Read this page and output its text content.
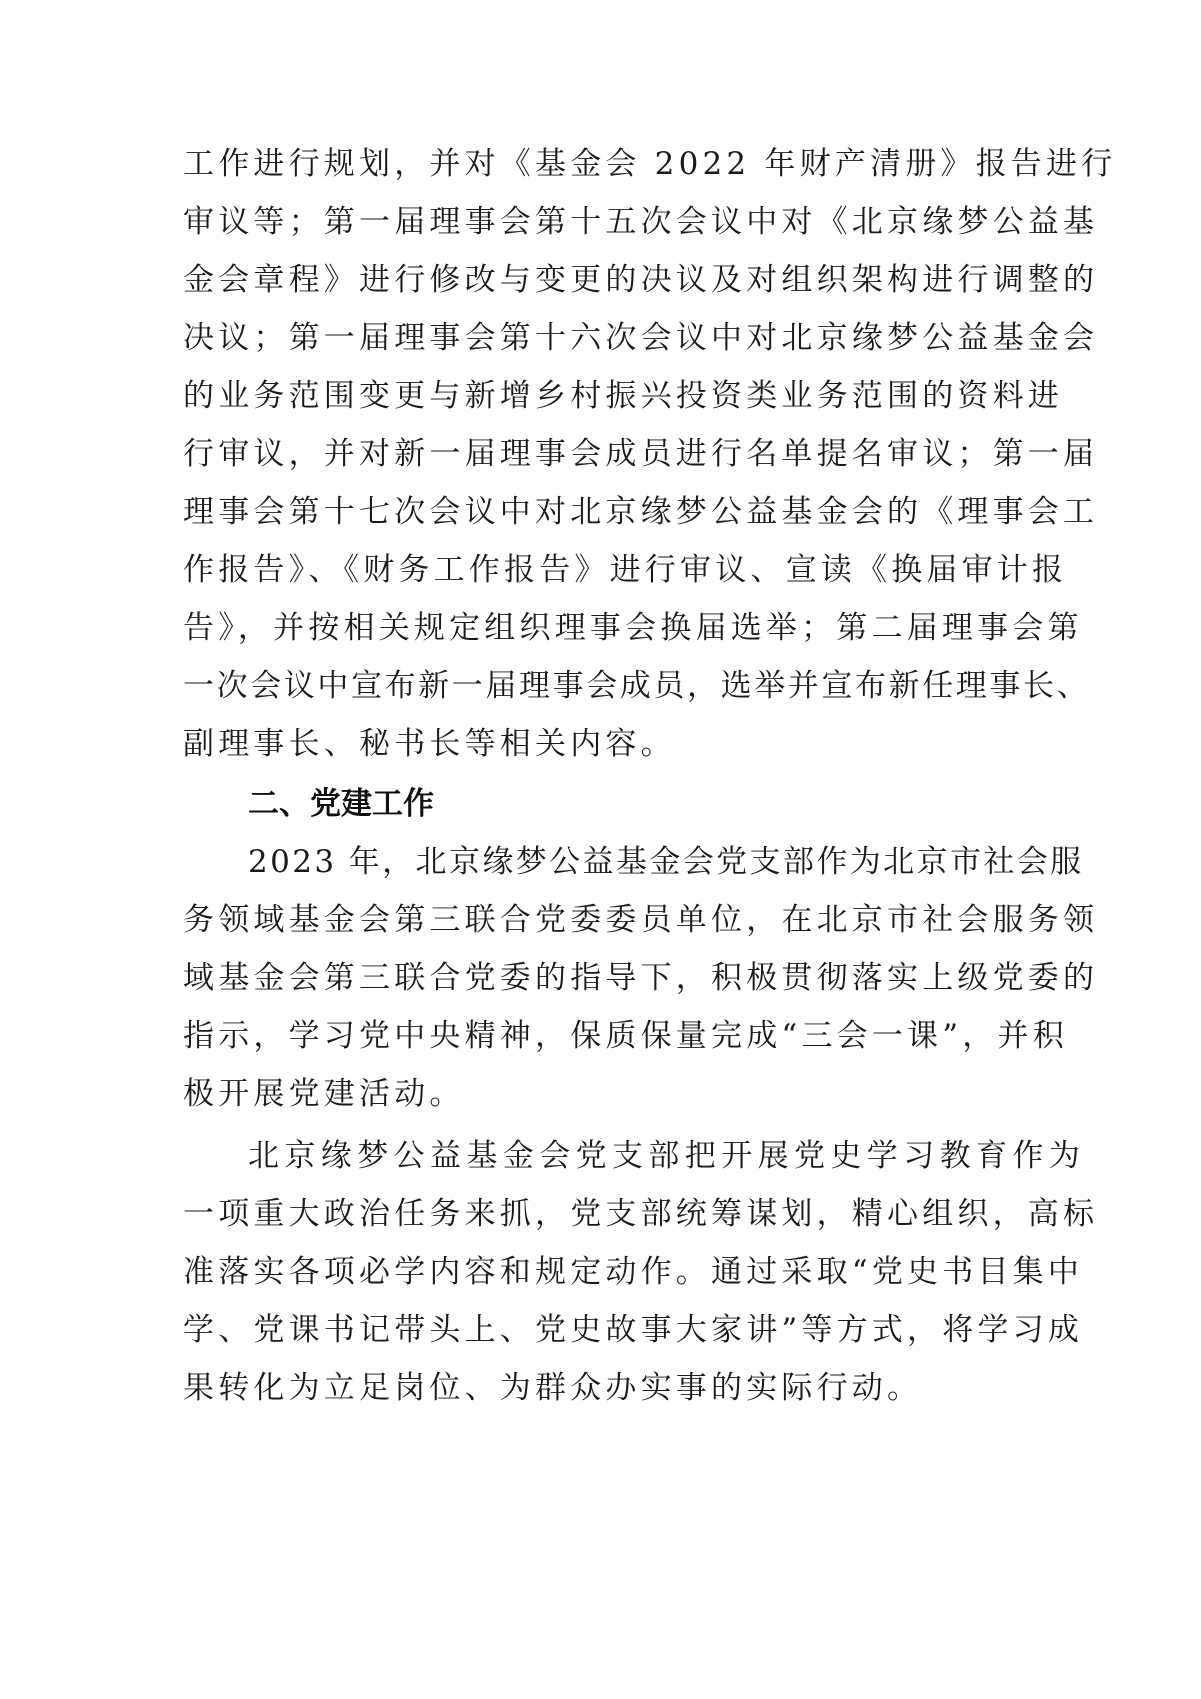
工作进行规划，并对《基金会 2022 年财产清册》报告进行
审议等；第一届理事会第十五次会议中对《北京缘梦公益基
金会章程》进行修改与变更的决议及对组织架构进行调整的
决议；第一届理事会第十六次会议中对北京缘梦公益基金会
的业务范围变更与新增乡村振兴投资类业务范围的资料进
行审议，并对新一届理事会成员进行名单提名审议；第一届
理事会第十七次会议中对北京缘梦公益基金会的《理事会工
作报告》、《财务工作报告》进行审议、宣读《换届审计报
告》，并按相关规定组织理事会换届选举；第二届理事会第
一次会议中宣布新一届理事会成员，选举并宣布新任理事长、
副理事长、秘书长等相关内容。
二、党建工作
2023 年，北京缘梦公益基金会党支部作为北京市社会服
务领域基金会第三联合党委委员单位，在北京市社会服务领
域基金会第三联合党委的指导下，积极贯彻落实上级党委的
指示，学习党中央精神，保质保量完成“三会一课”，并积
极开展党建活动。
北京缘梦公益基金会党支部把开展党史学习教育作为
一项重大政治任务来抓，党支部统筹谋划，精心组织，高标
准落实各项必学内容和规定动作。通过采取“党史书目集中
学、党课书记带头上、党史故事大家讲”等方式，将学习成
果转化为立足岗位、为群众办实事的实际行动。
